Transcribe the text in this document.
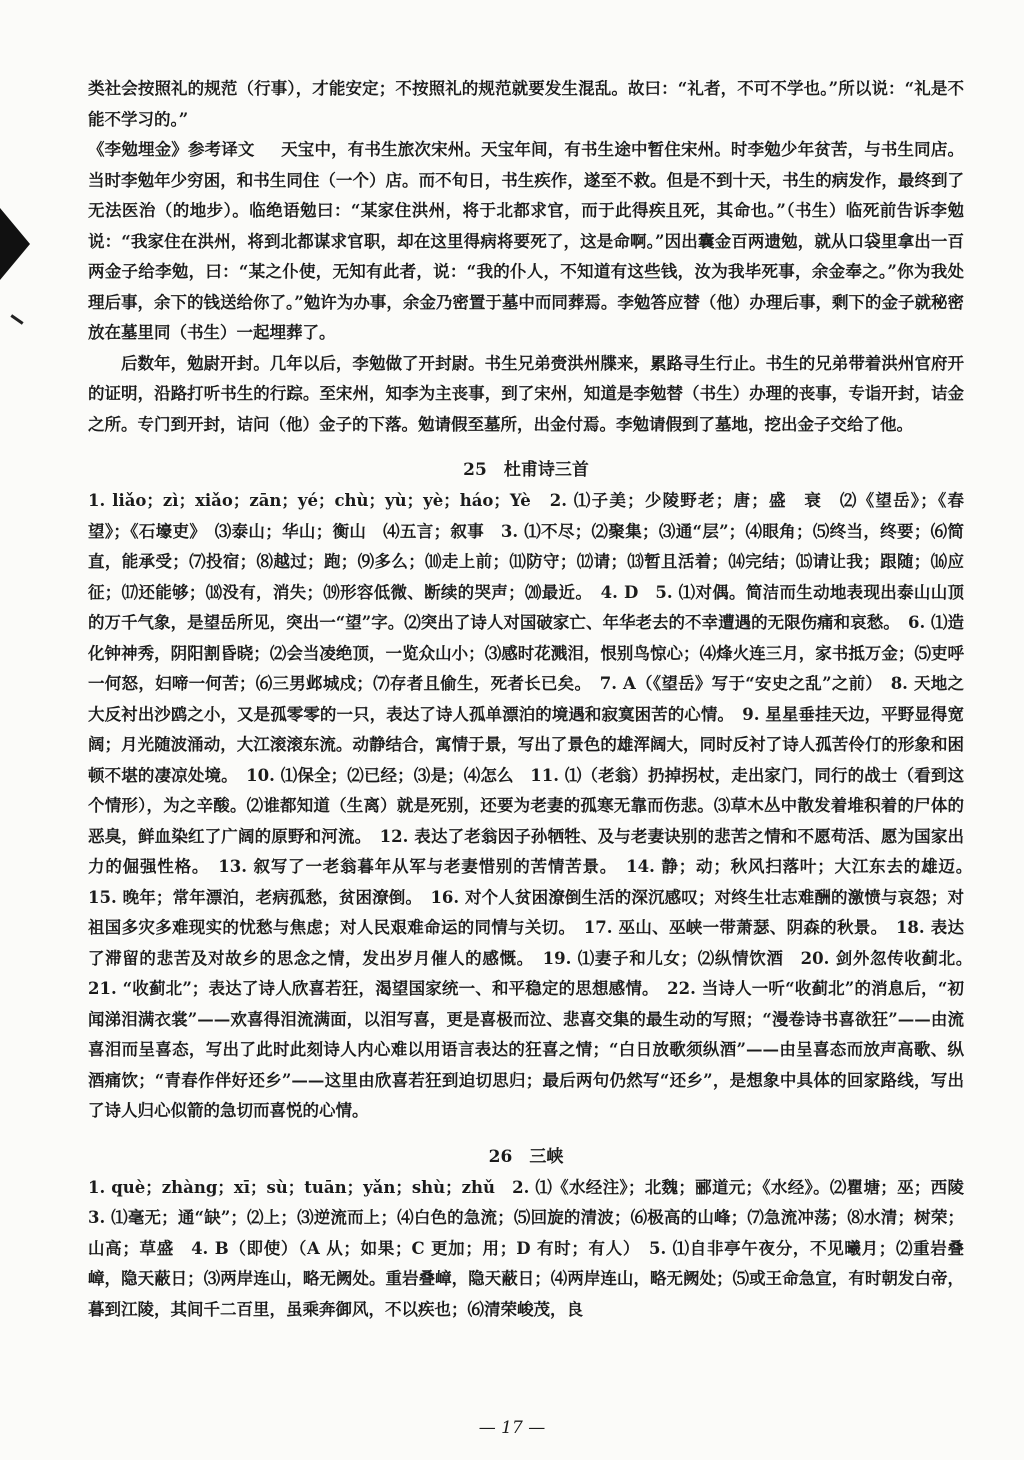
类社会按照礼的规范（行事），才能安定；不按照礼的规范就要发生混乱。故曰：“礼者，不可不学也。”所以说：“礼是不能不学习的。”

《李勉埋金》参考译文 天宝中，有书生旅次宋州。天宝年间，有书生途中暂住宋州。时李勉少年贫苦，与书生同店。当时李勉年少穷困，和书生同住（一个）店。而不旬日，书生疾作，遂至不救。但是不到十天，书生的病发作，最终到了无法医治（的地步）。临绝语勉曰：“某家住洪州，将于北都求官，而于此得疾且死，其命也。”（书生）临死前告诉李勉说：“我家住在洪州，将到北都谋求官职，却在这里得病将要死了，这是命啊。”因出囊金百两遗勉，就从口袋里拿出一百两金子给李勉，曰：“某之仆使，无知有此者，说：“我的仆人，不知道有这些钱，汝为我毕死事，余金奉之。”你为我处理后事，余下的钱送给你了。”勉许为办事，余金乃密置于墓中而同葬焉。李勉答应替（他）办理后事，剩下的金子就秘密放在墓里同（书生）一起埋葬了。

后数年，勉尉开封。几年以后，李勉做了开封尉。书生兄弟赍洪州牒来，累路寻生行止。书生的兄弟带着洪州官府开的证明，沿路打听书生的行踪。至宋州，知李为主丧事，到了宋州，知道是李勉替（书生）办理的丧事，专诣开封，诘金之所。专门到开封，诘问（他）金子的下落。勉请假至墓所，出金付焉。李勉请假到了墓地，挖出金子交给了他。

25　杜甫诗三首

1. liǎo；zì；xiǎo；zān；yé；chù；yù；yè；háo；Yè　2. ⑴子美；少陵野老；唐；盛　衰　⑵《望岳》；《春望》；《石壕吏》　⑶泰山；华山；衡山　⑷五言；叙事　3. ⑴不尽；⑵聚集；⑶通“层”；⑷眼角；⑸终当，终要；⑹简直，能承受；⑺投宿；⑻越过；跑；⑼多么；⑽走上前；⑾防守；⑿请；⒀暂且活着；⒁完结；⒂请让我；跟随；⒃应征；⒄还能够；⒅没有，消失；⒆形容低微、断续的哭声；⒇最近。　4. D　5. ⑴对偶。简洁而生动地表现出泰山山顶的万千气象，是望岳所见，突出一“望”字。⑵突出了诗人对国破家亡、年华老去的不幸遭遇的无限伤痛和哀愁。　6. ⑴造化钟神秀，阴阳割昏晓；⑵会当凌绝顶，一览众山小；⑶感时花溅泪，恨别鸟惊心；⑷烽火连三月，家书抵万金；⑸吏呼一何怒，妇啼一何苦；⑹三男邺城戍；⑺存者且偷生，死者长已矣。　7. A（《望岳》写于“安史之乱”之前）　8. 天地之大反衬出沙鸥之小，又是孤零零的一只，表达了诗人孤单漂泊的境遇和寂寞困苦的心情。　9. 星星垂挂天边，平野显得宽阔；月光随波涌动，大江滚滚东流。动静结合，寓情于景，写出了景色的雄浑阔大，同时反衬了诗人孤苦伶仃的形象和困顿不堪的凄凉处境。　10. ⑴保全；⑵已经；⑶是；⑷怎么　11. ⑴（老翁）扔掉拐杖，走出家门，同行的战士（看到这个情形），为之辛酸。⑵谁都知道（生离）就是死别，还要为老妻的孤寒无靠而伤悲。⑶草木丛中散发着堆积着的尸体的恶臭，鲜血染红了广阔的原野和河流。　12. 表达了老翁因子孙牺牲、及与老妻诀别的悲苦之情和不愿苟活、愿为国家出力的倔强性格。　13. 叙写了一老翁暮年从军与老妻惜别的苦情苦景。　14. 静；动；秋风扫落叶；大江东去的雄迈。　15. 晚年；常年漂泊，老病孤愁，贫困潦倒。　16. 对个人贫困潦倒生活的深沉感叹；对终生壮志难酬的激愤与哀怨；对祖国多灾多难现实的忧愁与焦虑；对人民艰难命运的同情与关切。　17. 巫山、巫峡一带萧瑟、阴森的秋景。　18. 表达了滞留的悲苦及对故乡的思念之情，发出岁月催人的感慨。　19. ⑴妻子和儿女；⑵纵情饮酒　20. 剑外忽传收蓟北。　21. “收蓟北”；表达了诗人欣喜若狂，渴望国家统一、和平稳定的思想感情。　22. 当诗人一听“收蓟北”的消息后，“初闻涕泪满衣裳”——欢喜得泪流满面，以泪写喜，更是喜极而泣、悲喜交集的最生动的写照；“漫卷诗书喜欲狂”——由流喜泪而呈喜态，写出了此时此刻诗人内心难以用语言表达的狂喜之情；“白日放歌须纵酒”——由呈喜态而放声高歌、纵酒痛饮；“青春作伴好还乡”——这里由欣喜若狂到迫切思归；最后两句仍然写“还乡”，是想象中具体的回家路线，写出了诗人归心似箭的急切而喜悦的心情。

26　三峡

1. què；zhàng；xī；sù；tuān；yǎn；shù；zhǔ　2. ⑴《水经注》；北魏；郦道元；《水经》。⑵瞿塘；巫；西陵　3. ⑴毫无；通“缺”；⑵上；⑶逆流而上；⑷白色的急流；⑸回旋的清波；⑹极高的山峰；⑺急流冲荡；⑻水清；树荣；山高；草盛　4. B（即使）（A 从；如果；C 更加；用；D 有时；有人）　5. ⑴自非亭午夜分，不见曦月；⑵重岩叠嶂，隐天蔽日；⑶两岸连山，略无阙处。重岩叠嶂，隐天蔽日；⑷两岸连山，略无阙处；⑸或王命急宣，有时朝发白帝，暮到江陵，其间千二百里，虽乘奔御风，不以疾也；⑹清荣峻茂，良

— 17 —
